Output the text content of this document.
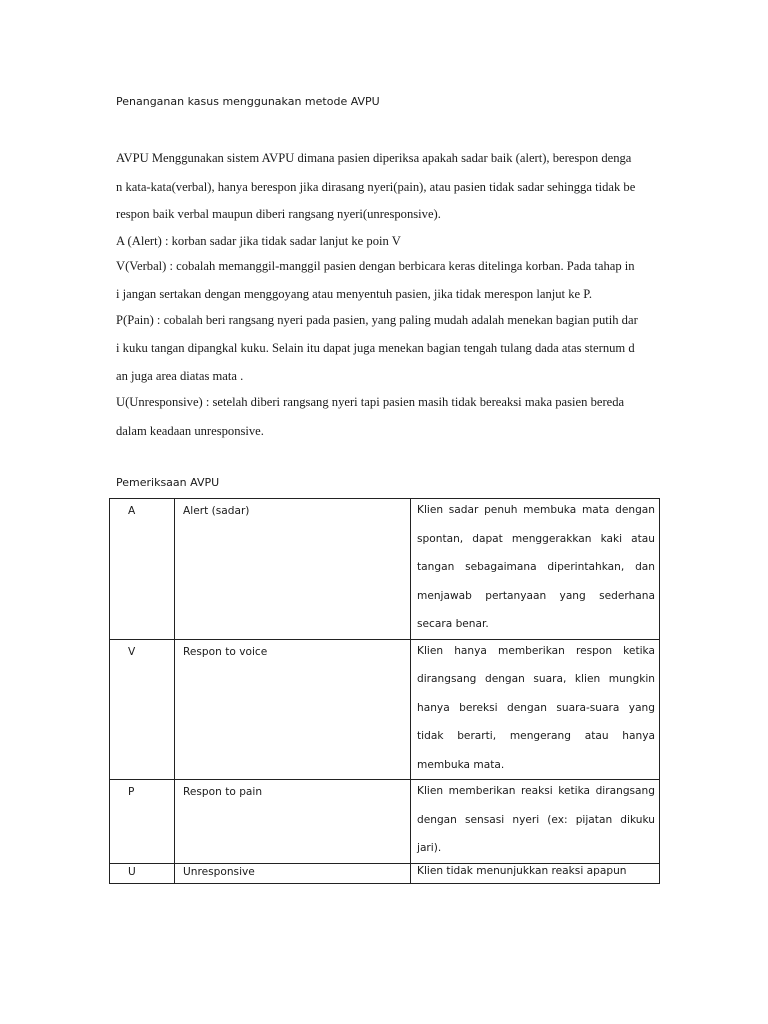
Penanganan kasus menggunakan metode AVPU
AVPU Menggunakan sistem AVPU dimana pasien diperiksa apakah sadar baik (alert), berespon denga
n kata-kata(verbal), hanya berespon jika dirasang nyeri(pain), atau pasien tidak sadar sehingga tidak be
respon baik verbal maupun diberi rangsang nyeri(unresponsive).
A (Alert) : korban sadar jika tidak sadar lanjut ke poin V
V(Verbal) : cobalah memanggil-manggil pasien dengan berbicara keras ditelinga korban. Pada tahap in
i jangan sertakan dengan menggoyang atau menyentuh pasien, jika tidak merespon lanjut ke P.
P(Pain) : cobalah beri rangsang nyeri pada pasien, yang paling mudah adalah menekan bagian putih dar
i kuku tangan dipangkal kuku. Selain itu dapat juga menekan bagian tengah tulang dada atas sternum d
an juga area diatas mata .
U(Unresponsive) : setelah diberi rangsang nyeri tapi pasien masih tidak bereaksi maka pasien bereda
dalam keadaan unresponsive.
Pemeriksaan AVPU
A	Alert (sadar)	Klien sadar penuh membuka mata dengan spontan, dapat menggerakkan kaki atau tangan sebagaimana diperintahkan, dan menjawab pertanyaan yang sederhana secara benar.

V	Respon to voice	Klien hanya memberikan respon ketika dirangsang dengan suara, klien mungkin hanya bereksi dengan suara-suara yang tidak berarti, mengerang atau hanya membuka mata.

P	Respon to pain	Klien memberikan reaksi ketika dirangsang dengan sensasi nyeri (ex: pijatan dikuku jari).

U	Unresponsive	Klien tidak menunjukkan reaksi apapun
